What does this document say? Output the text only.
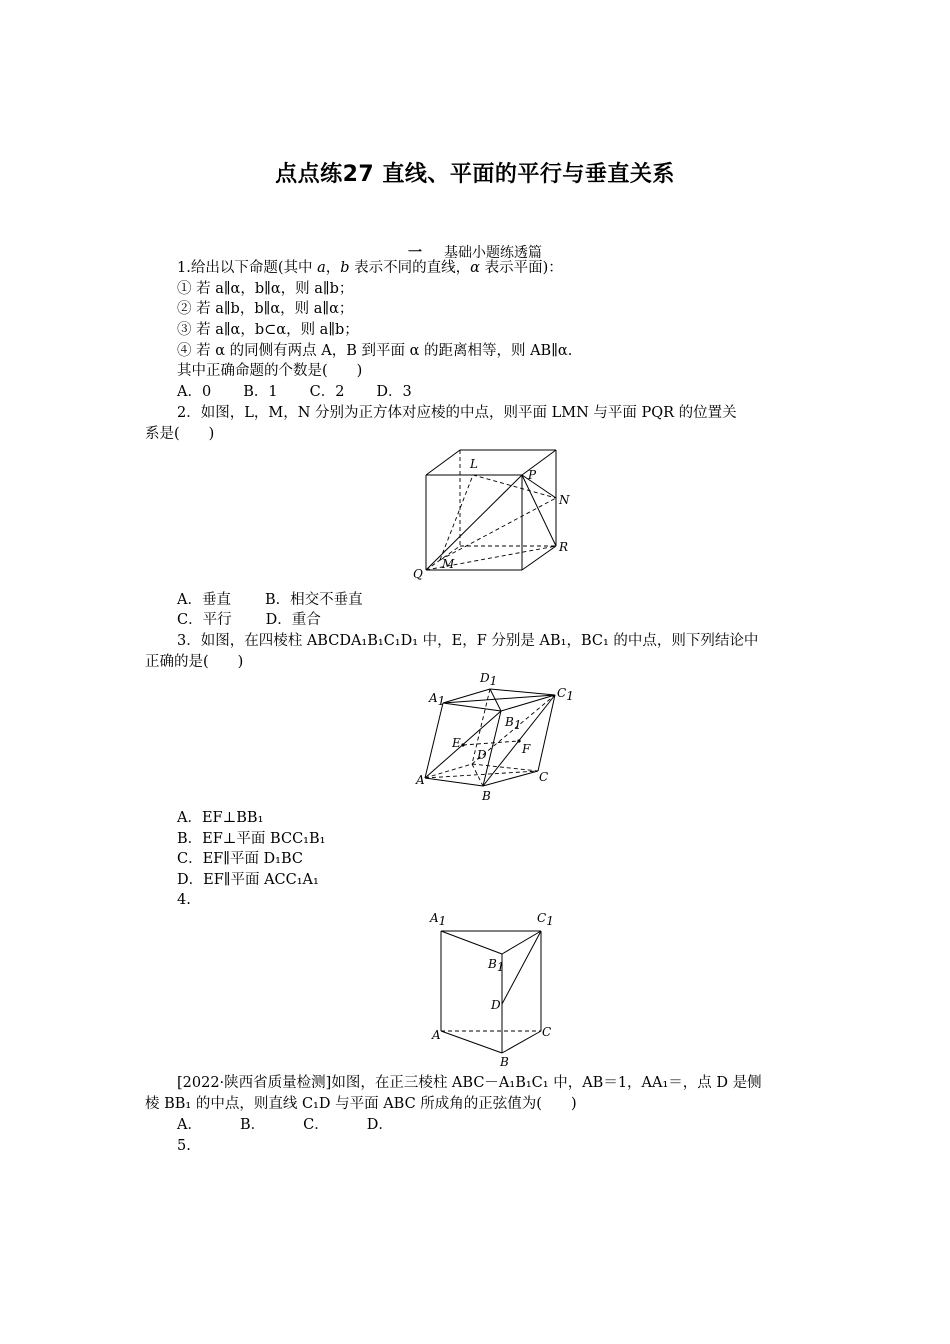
点点练27 直线、平面的平行与垂直关系
一 基础小题练透篇
1.给出以下命题(其中 a，b 表示不同的直线，α 表示平面)：
① 若 a∥α，b∥α，则 a∥b；
② 若 a∥b，b∥α，则 a∥α；
③ 若 a∥α，b⊂α，则 a∥b；
④ 若 α 的同侧有两点 A，B 到平面 α 的距离相等，则 AB∥α.
其中正确命题的个数是(　　)
A．0 B．1 C．2 D．3
2．如图，L，M，N 分别为正方体对应棱的中点，则平面 LMN 与平面 PQR 的位置关
系是(　　)
L
P
N
R
Q
M
A．垂直 B．相交不垂直
C．平行 D．重合
3．如图，在四棱柱 ABCDA₁B₁C₁D₁ 中，E，F 分别是 AB₁，BC₁ 的中点，则下列结论中
正确的是(　　)
D1
A1
C1
B1
E
D	F
A	C
B
A．EF⊥BB₁
B．EF⊥平面 BCC₁B₁
C．EF∥平面 D₁BC
D．EF∥平面 ACC₁A₁
4.
A1	C1
B1
D
A	C
B
[2022·陕西省质量检测]如图，在正三棱柱 ABC－A₁B₁C₁ 中，AB＝1，AA₁＝，点 D 是侧
棱 BB₁ 的中点，则直线 C₁D 与平面 ABC 所成角的正弦值为(　　)
A．	B．	C．	D．
5.
